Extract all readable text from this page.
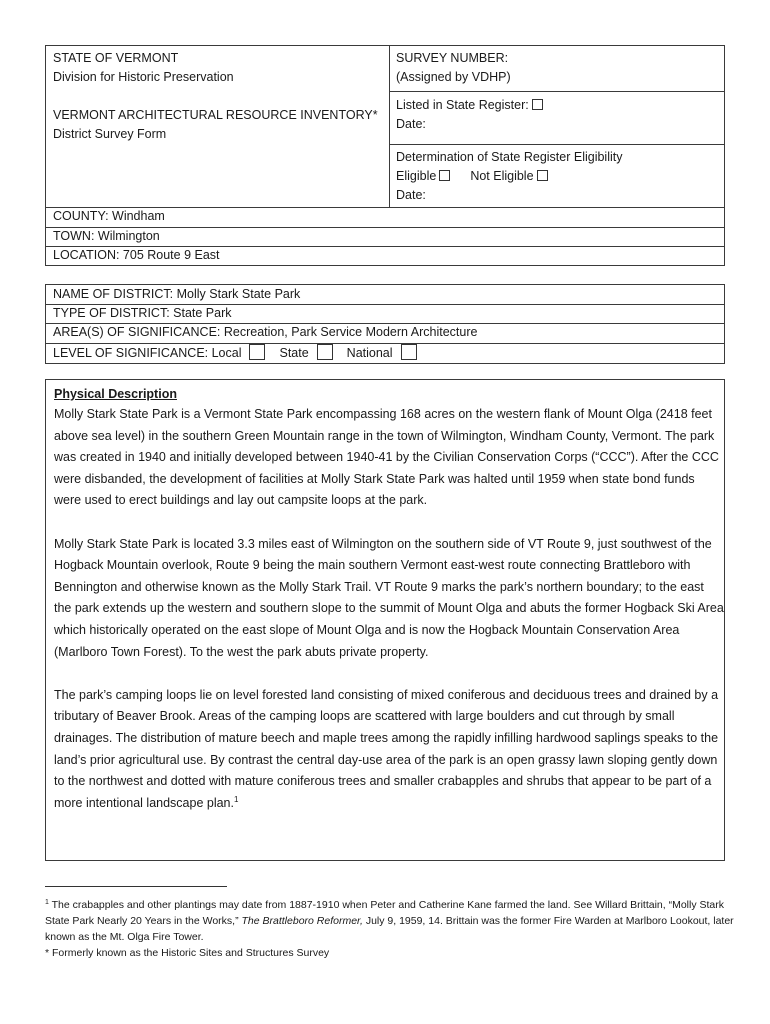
STATE OF VERMONT
Division for Historic Preservation
VERMONT ARCHITECTURAL RESOURCE INVENTORY*
District Survey Form
SURVEY NUMBER:
(Assigned by VDHP)
Listed in State Register:
Date:
Determination of State Register Eligibility
Eligible	Not Eligible
Date:
COUNTY: Windham
TOWN: Wilmington
LOCATION: 705 Route 9 East
NAME OF DISTRICT: Molly Stark State Park
TYPE OF DISTRICT: State Park
AREA(S) OF SIGNIFICANCE: Recreation, Park Service Modern Architecture
LEVEL OF SIGNIFICANCE: Local	State	National
Physical Description

Molly Stark State Park is a Vermont State Park encompassing 168 acres on the western flank of Mount Olga (2418 feet above sea level) in the southern Green Mountain range in the town of Wilmington, Windham County, Vermont. The park was created in 1940 and initially developed between 1940-41 by the Civilian Conservation Corps (“CCC”). After the CCC were disbanded, the development of facilities at Molly Stark State Park was halted until 1959 when state bond funds were used to erect buildings and lay out campsite loops at the park.

Molly Stark State Park is located 3.3 miles east of Wilmington on the southern side of VT Route 9, just southwest of the Hogback Mountain overlook, Route 9 being the main southern Vermont east-west route connecting Brattleboro with Bennington and otherwise known as the Molly Stark Trail. VT Route 9 marks the park’s northern boundary; to the east the park extends up the western and southern slope to the summit of Mount Olga and abuts the former Hogback Ski Area which historically operated on the east slope of Mount Olga and is now the Hogback Mountain Conservation Area (Marlboro Town Forest). To the west the park abuts private property.

The park’s camping loops lie on level forested land consisting of mixed coniferous and deciduous trees and drained by a tributary of Beaver Brook. Areas of the camping loops are scattered with large boulders and cut through by small drainages. The distribution of mature beech and maple trees among the rapidly infilling hardwood saplings speaks to the land’s prior agricultural use. By contrast the central day-use area of the park is an open grassy lawn sloping gently down to the northwest and dotted with mature coniferous trees and smaller crabapples and shrubs that appear to be part of a more intentional landscape plan.$^1$

$^1$ The crabapples and other plantings may date from 1887-1910 when Peter and Catherine Kane farmed the land. See Willard Brittain, “Molly Stark State Park Nearly 20 Years in the Works,” The Brattleboro Reformer, July 9, 1959, 14. Brittain was the former Fire Warden at Marlboro Lookout, later known as the Mt. Olga Fire Tower.

* Formerly known as the Historic Sites and Structures Survey
